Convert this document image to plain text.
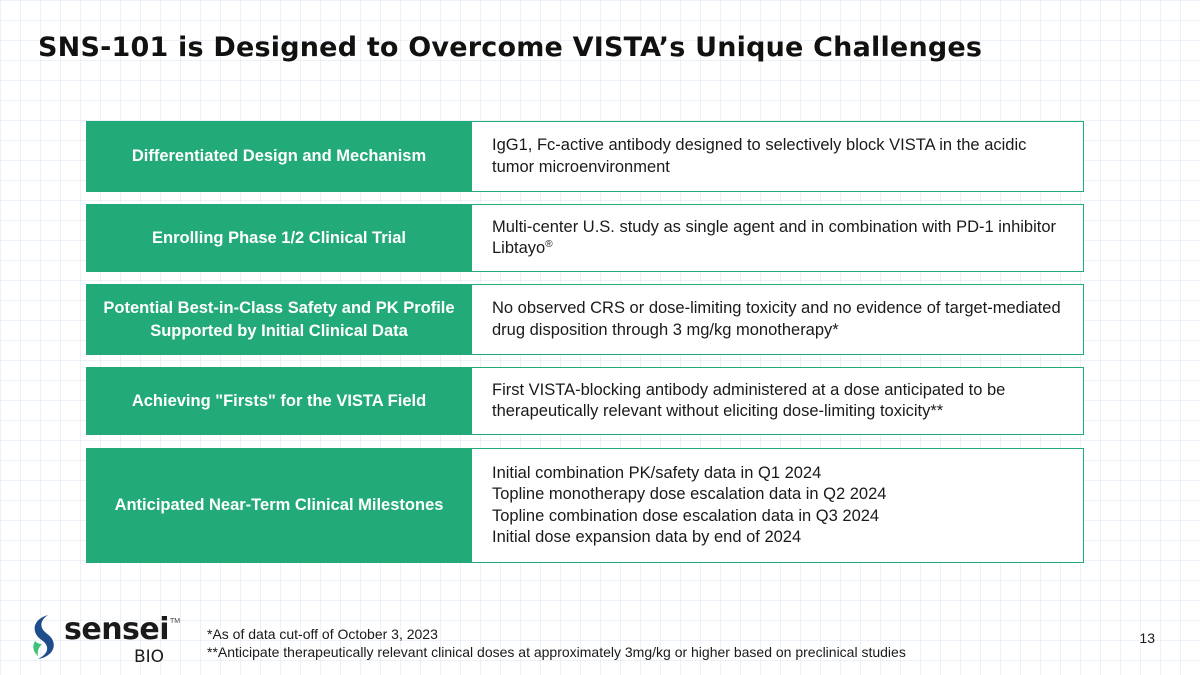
SNS-101 is Designed to Overcome VISTA’s Unique Challenges
Differentiated Design and Mechanism
IgG1, Fc-active antibody designed to selectively block VISTA in the acidic tumor microenvironment
Enrolling Phase 1/2 Clinical Trial
Multi-center U.S. study as single agent and in combination with PD-1 inhibitor Libtayo®
Potential Best-in-Class Safety and PK Profile Supported by Initial Clinical Data
No observed CRS or dose-limiting toxicity and no evidence of target-mediated drug disposition through 3 mg/kg monotherapy*
Achieving "Firsts" for the VISTA Field
First VISTA-blocking antibody administered at a dose anticipated to be therapeutically relevant without eliciting dose-limiting toxicity**
Anticipated Near-Term Clinical Milestones
Initial combination PK/safety data in Q1 2024
Topline monotherapy dose escalation data in Q2 2024
Topline combination dose escalation data in Q3 2024
Initial dose expansion data by end of 2024
sensei TM
BIO
*As of data cut-off of October 3, 2023
**Anticipate therapeutically relevant clinical doses at approximately 3mg/kg or higher based on preclinical studies
13
